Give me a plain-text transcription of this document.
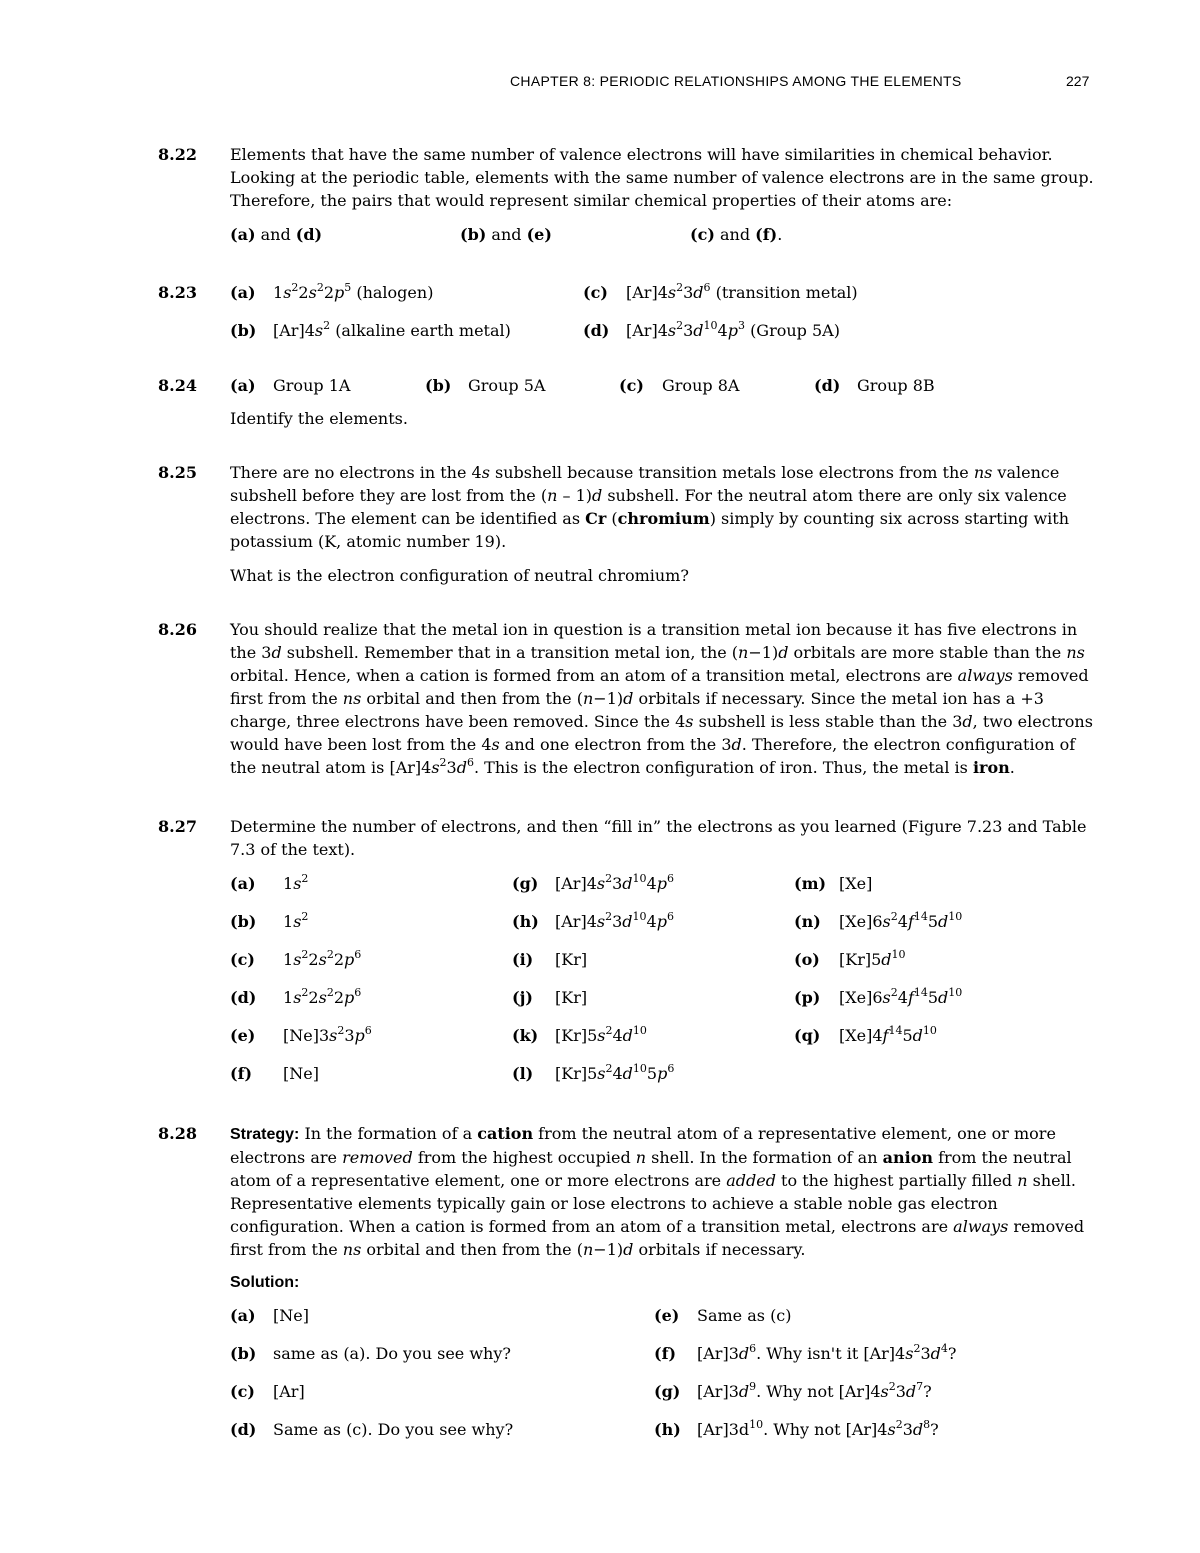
CHAPTER 8: PERIODIC RELATIONSHIPS AMONG THE ELEMENTS	227
8.22 Elements that have the same number of valence electrons will have similarities in chemical behavior. Looking at the periodic table, elements with the same number of valence electrons are in the same group. Therefore, the pairs that would represent similar chemical properties of their atoms are:

(a) and (d)	(b) and (e)	(c) and (f).
8.23 (a) $1s^22s^22p^5$ (halogen)	(c) $[Ar]4s^23d^6$ (transition metal)
(b) $[Ar]4s^2$ (alkaline earth metal)	(d) $[Ar]4s^23d^{10}4p^3$ (Group 5A)
8.24 (a) Group 1A	(b) Group 5A	(c) Group 8A	(d) Group 8B

Identify the elements.

8.25 There are no electrons in the 4s subshell because transition metals lose electrons from the ns valence subshell before they are lost from the (n – 1)d subshell. For the neutral atom there are only six valence electrons. The element can be identified as Cr (chromium) simply by counting six across starting with potassium (K, atomic number 19).

What is the electron configuration of neutral chromium?

8.26 You should realize that the metal ion in question is a transition metal ion because it has five electrons in the 3d subshell. Remember that in a transition metal ion, the (n−1)d orbitals are more stable than the ns orbital. Hence, when a cation is formed from an atom of a transition metal, electrons are always removed first from the ns orbital and then from the (n−1)d orbitals if necessary. Since the metal ion has a +3 charge, three electrons have been removed. Since the 4s subshell is less stable than the 3d, two electrons would have been lost from the 4s and one electron from the 3d. Therefore, the electron configuration of the neutral atom is $[Ar]4s^23d^6$. This is the electron configuration of iron. Thus, the metal is iron.

8.27 Determine the number of electrons, and then “fill in” the electrons as you learned (Figure 7.23 and Table 7.3 of the text).

(a) $1s^2$	(g) $[Ar]4s^23d^{10}4p^6$	(m) [Xe]
(b) $1s^2$	(h) $[Ar]4s^23d^{10}4p^6$	(n) $[Xe]6s^24f^{14}5d^{10}$
(c) $1s^22s^22p^6$	(i) [Kr]	(o) $[Kr]5d^{10}$
(d) $1s^22s^22p^6$	(j) [Kr]	(p) $[Xe]6s^24f^{14}5d^{10}$
(e) $[Ne]3s^23p^6$	(k) $[Kr]5s^24d^{10}$	(q) $[Xe]4f^{14}5d^{10}$
(f) [Ne]	(l) $[Kr]5s^24d^{10}5p^6$
8.28 Strategy: In the formation of a cation from the neutral atom of a representative element, one or more electrons are removed from the highest occupied n shell. In the formation of an anion from the neutral atom of a representative element, one or more electrons are added to the highest partially filled n shell. Representative elements typically gain or lose electrons to achieve a stable noble gas electron configuration. When a cation is formed from an atom of a transition metal, electrons are always removed first from the ns orbital and then from the (n−1)d orbitals if necessary.

Solution:

(a) [Ne]	(e) Same as (c)
(b) same as (a). Do you see why?	(f) $[Ar]3d^6$. Why isn't it $[Ar]4s^23d^4$?
(c) [Ar]	(g) $[Ar]3d^9$. Why not $[Ar]4s^23d^7$?
(d) Same as (c). Do you see why?	(h) $[Ar]3d^{10}$. Why not $[Ar]4s^23d^8$?
